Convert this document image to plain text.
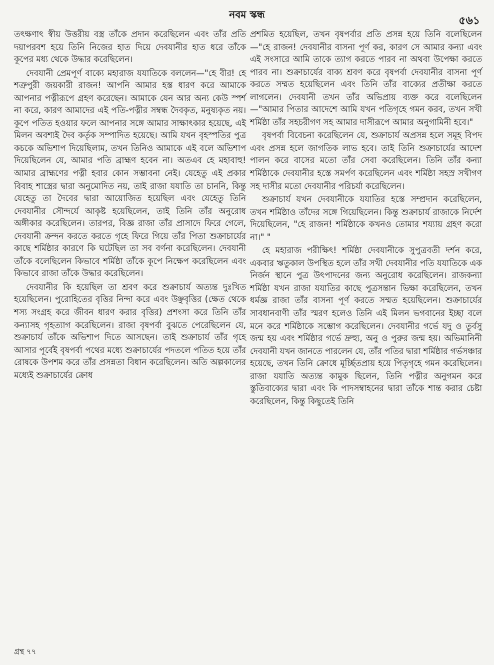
নবম স্কন্ধ	৫৬১

তৎক্ষণাৎ স্বীয় উত্তরীয় বস্ত্র তাঁকে প্রদান করেছিলেন এবং তাঁর প্রতি দয়াপরবশ হয়ে তিনি নিজের হাত দিয়ে দেবযানীর হাত ধরে তাঁকে কূপের মধ্য থেকে উদ্ধার করেছিলেন।

দেবযানী প্রেমপূর্ণ বাক্যে মহারাজ যযাতিকে বললেন—"হে বীর! হে শত্রুপুরী জয়কারী রাজন! আপনি আমার হস্ত ধারণ করে আমাকে আপনার পত্নীরূপে গ্রহণ করেছেন। আমাকে যেন আর অন্য কেউ স্পর্শ না করে, কারণ আমাদের এই পতি-পত্নীর সম্বন্ধ দৈবকৃত, মনুষ্যকৃত নয়। কূপে পতিত হওয়ার ফলে আপনার সঙ্গে আমার সাক্ষাৎকার হয়েছে, এই মিলন অবশ্যই দৈব কর্তৃক সম্পাদিত হয়েছে। আমি যখন বৃহস্পতির পুত্র কচকে অভিশাপ দিয়েছিলাম, তখন তিনিও আমাকে এই বলে অভিশাপ দিয়েছিলেন যে, আমার পতি ব্রাহ্মণ হবেন না। অতএব হে মহাবাহু! আমার ব্রাহ্মণের পত্নী হবার কোন সম্ভাবনা নেই। যেহেতু এই প্রকার বিবাহ শাস্ত্রের দ্বারা অনুমোদিত নয়, তাই রাজা যযাতি তা চাননি, কিন্তু যেহেতু তা দৈবের দ্বারা আয়োজিত হয়েছিল এবং যেহেতু তিনি দেবযানীর সৌন্দর্যে আকৃষ্ট হয়েছিলেন, তাই তিনি তাঁর অনুরোধ অঙ্গীকার করেছিলেন। তারপর, বিজ্ঞ রাজা তাঁর প্রাসাদে ফিরে গেলে, দেবযানী ক্রন্দন করতে করতে গৃহে ফিরে গিয়ে তাঁর পিতা শুক্রাচার্যের কাছে শর্মিষ্ঠার কারণে কি ঘটেছিল তা সব বর্ণনা করেছিলেন। দেবযানী তাঁকে বলেছিলেন কিভাবে শর্মিষ্ঠা তাঁকে কূপে নিক্ষেপ করেছিলেন এবং কিভাবে রাজা তাঁকে উদ্ধার করেছিলেন।

দেবযানীর কি হয়েছিল তা শ্রবণ করে শুক্রাচার্য অত্যন্ত দুঃখিত হয়েছিলেন। পুরোহিতের বৃত্তির নিন্দা করে এবং উঞ্ছবৃত্তির (ক্ষেত থেকে শস্য সংগ্রহ করে জীবন ধারণ করার বৃত্তির) প্রশংসা করে তিনি তাঁর কন্যাসহ গৃহত্যাগ করেছিলেন। রাজা বৃষপর্বা বুঝতে পেরেছিলেন যে, শুক্রাচার্য তাঁকে অভিশাপ দিতে আসছেন। তাই শুক্রাচার্য তাঁর গৃহে আসার পূর্বেই বৃষপর্বা পথের মধ্যে শুক্রাচার্যের পদতলে পতিত হয়ে তাঁর রোষকে উপশম করে তাঁর প্রসন্নতা বিধান করেছিলেন। অতি অল্পকালের মধ্যেই শুক্রাচার্যের ক্রোধ

প্রশমিত হয়েছিল, তখন বৃষপর্বার প্রতি প্রসন্ন হয়ে তিনি বলেছিলেন—"হে রাজন! দেবযানীর বাসনা পূর্ণ কর, কারণ সে আমার কন্যা এবং এই সংসারে আমি তাকে ত্যাগ করতে পারব না অথবা উপেক্ষা করতে পারব না। শুক্রাচার্যের বাক্য শ্রবণ করে বৃষপর্বা দেবযানীর বাসনা পূর্ণ করতে সম্মত হয়েছিলেন এবং তিনি তাঁর বাক্যের প্রতীক্ষা করতে লাগলেন। দেবযানী তখন তাঁর অভিপ্রায় ব্যক্ত করে বলেছিলেন—"আমার পিতার আদেশে আমি যখন পতিগৃহে গমন করব, তখন সখী শর্মিষ্ঠা তাঁর সহচরীগণ সহ আমার দাসীরূপে আমার অনুগামিনী হবে।"

বৃষপর্বা বিবেচনা করেছিলেন যে, শুক্রাচার্য অপ্রসন্ন হলে সমূহ বিপদ এবং প্রসন্ন হলে জাগতিক লাভ হবে। তাই তিনি শুক্রাচার্যের আদেশ পালন করে বাসের মতো তাঁর সেবা করেছিলেন। তিনি তাঁর কন্যা শর্মিষ্ঠাকে দেবযানীর হস্তে সমর্পণ করেছিলেন এবং শর্মিষ্ঠা সহস্র সখীগণ সহ দাসীর মতো দেবযানীর পরিচর্যা করেছিলেন।

শুক্রাচার্য যখন দেবযানীকে যযাতির হস্তে সম্প্রদান করেছিলেন, তখন শর্মিষ্ঠাও তাঁদের সঙ্গে গিয়েছিলেন। কিন্তু শুক্রাচার্য রাজাকে নির্দেশ দিয়েছিলেন, "হে রাজন! শর্মিষ্ঠাকে কখনও তোমার শয্যায় গ্রহণ করো না।" "

হে মহারাজ পরীক্ষিৎ! শর্মিষ্ঠা দেবযানীকে সুপুত্রবতী দর্শন করে, একবার ঋতুকাল উপস্থিত হলে তাঁর সখী দেবযানীর পতি যযাতিকে এক নির্জন স্থানে পুত্র উৎপাদনের জন্য অনুরোধ করেছিলেন। রাজকন্যা শর্মিষ্ঠা যখন রাজা যযাতির কাছে পুত্রসন্তান ভিক্ষা করেছিলেন, তখন ধর্মজ্ঞ রাজা তাঁর বাসনা পূর্ণ করতে সম্মত হয়েছিলেন। শুক্রাচার্যের সাবধানবাণী তাঁর স্মরণ হলেও তিনি এই মিলন ভগবানের ইচ্ছা বলে মনে করে শর্মিষ্ঠাকে সম্ভোগ করেছিলেন। দেবযানীর গর্ভে যদু ও তুর্বসু জন্ম হয় এবং শর্মিষ্ঠার গর্ভে দ্রুহ্যু, অনু ও পুরুর জন্ম হয়। অভিমানিনী দেবযানী যখন জানতে পারলেন যে, তাঁর পতির দ্বারা শর্মিষ্ঠার গর্ভসঞ্চার হয়েছে, তখন তিনি ক্রোধে মূর্চ্ছিতপ্রায় হয়ে পিতৃগৃহে গমন করেছিলেন। রাজা যযাতি অত্যন্ত কামুক ছিলেন, তিনি পত্নীর অনুগমন করে স্তুতিবাক্যের দ্বারা এবং কি পাদসম্বাহনের দ্বারা তাঁকে শান্ত করার চেষ্টা করেছিলেন, কিন্তু কিছুতেই তিনি

গ্রন্থ ৭৭
